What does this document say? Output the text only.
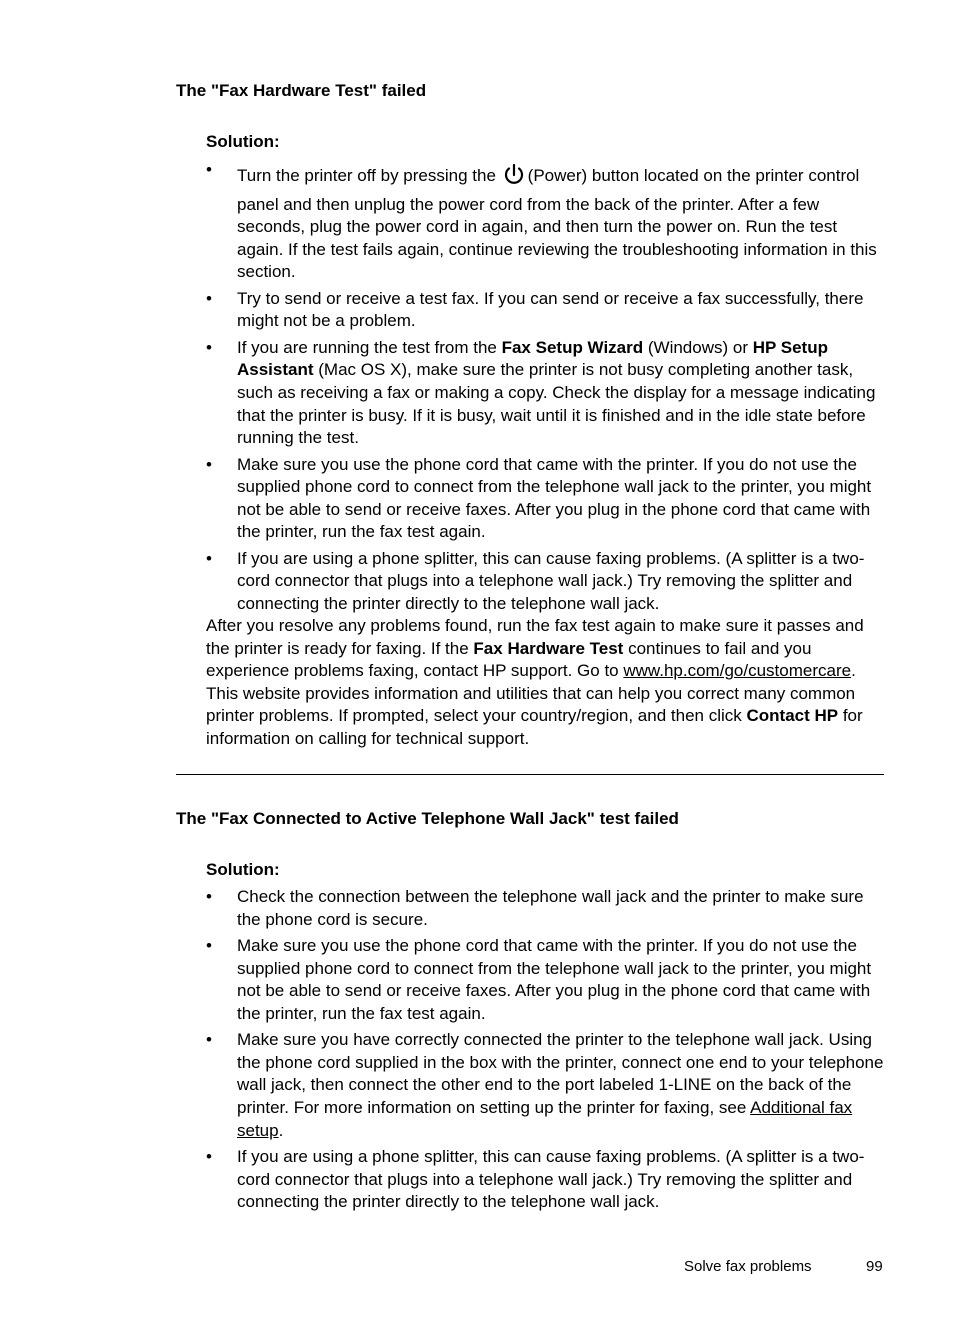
The "Fax Hardware Test" failed

Solution:

• Turn the printer off by pressing the (Power) button located on the printer control panel and then unplug the power cord from the back of the printer. After a few seconds, plug the power cord in again, and then turn the power on. Run the test again. If the test fails again, continue reviewing the troubleshooting information in this section.
• Try to send or receive a test fax. If you can send or receive a fax successfully, there might not be a problem.
• If you are running the test from the Fax Setup Wizard (Windows) or HP Setup Assistant (Mac OS X), make sure the printer is not busy completing another task, such as receiving a fax or making a copy. Check the display for a message indicating that the printer is busy. If it is busy, wait until it is finished and in the idle state before running the test.
• Make sure you use the phone cord that came with the printer. If you do not use the supplied phone cord to connect from the telephone wall jack to the printer, you might not be able to send or receive faxes. After you plug in the phone cord that came with the printer, run the fax test again.
• If you are using a phone splitter, this can cause faxing problems. (A splitter is a two-cord connector that plugs into a telephone wall jack.) Try removing the splitter and connecting the printer directly to the telephone wall jack.

After you resolve any problems found, run the fax test again to make sure it passes and the printer is ready for faxing. If the Fax Hardware Test continues to fail and you experience problems faxing, contact HP support. Go to www.hp.com/go/customercare. This website provides information and utilities that can help you correct many common printer problems. If prompted, select your country/region, and then click Contact HP for information on calling for technical support.

The "Fax Connected to Active Telephone Wall Jack" test failed

Solution:

• Check the connection between the telephone wall jack and the printer to make sure the phone cord is secure.
• Make sure you use the phone cord that came with the printer. If you do not use the supplied phone cord to connect from the telephone wall jack to the printer, you might not be able to send or receive faxes. After you plug in the phone cord that came with the printer, run the fax test again.
• Make sure you have correctly connected the printer to the telephone wall jack. Using the phone cord supplied in the box with the printer, connect one end to your telephone wall jack, then connect the other end to the port labeled 1-LINE on the back of the printer. For more information on setting up the printer for faxing, see Additional fax setup.
• If you are using a phone splitter, this can cause faxing problems. (A splitter is a two-cord connector that plugs into a telephone wall jack.) Try removing the splitter and connecting the printer directly to the telephone wall jack.
Solve fax problems	99
